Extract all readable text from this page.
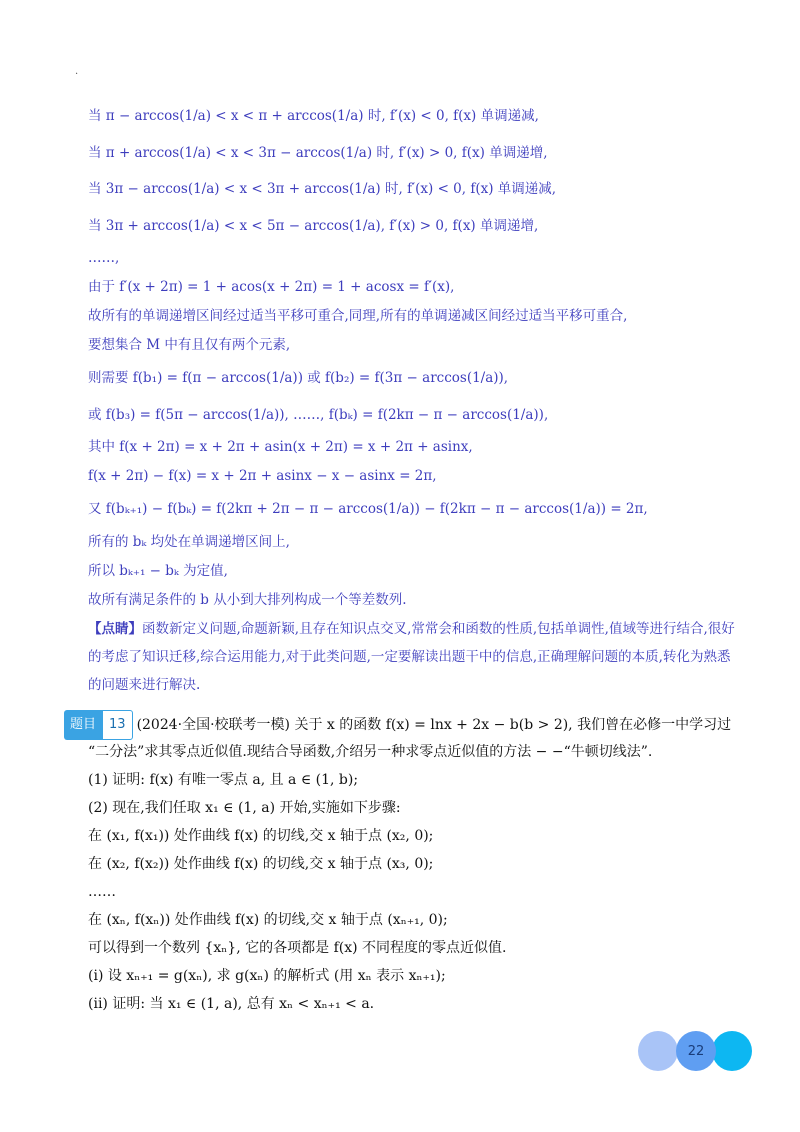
.
当 π − arccos(1/a) < x < π + arccos(1/a) 时, f′(x) < 0, f(x) 单调递减,
当 π + arccos(1/a) < x < 3π − arccos(1/a) 时, f′(x) > 0, f(x) 单调递增,
当 3π − arccos(1/a) < x < 3π + arccos(1/a) 时, f′(x) < 0, f(x) 单调递减,
当 3π + arccos(1/a) < x < 5π − arccos(1/a), f′(x) > 0, f(x) 单调递增,
……,
由于 f′(x + 2π) = 1 + acos(x + 2π) = 1 + acosx = f′(x),
故所有的单调递增区间经过适当平移可重合,同理,所有的单调递减区间经过适当平移可重合,
要想集合 M 中有且仅有两个元素,
则需要 f(b₁) = f(π − arccos(1/a)) 或 f(b₂) = f(3π − arccos(1/a)),
或 f(b₃) = f(5π − arccos(1/a)), ……, f(bₖ) = f(2kπ − π − arccos(1/a)),
其中 f(x + 2π) = x + 2π + asin(x + 2π) = x + 2π + asinx,
f(x + 2π) − f(x) = x + 2π + asinx − x − asinx = 2π,
又 f(bₖ₊₁) − f(bₖ) = f(2kπ + 2π − π − arccos(1/a)) − f(2kπ − π − arccos(1/a)) = 2π,
所有的 bₖ 均处在单调递增区间上,
所以 bₖ₊₁ − bₖ 为定值,
故所有满足条件的 b 从小到大排列构成一个等差数列.
【点睛】函数新定义问题,命题新颖,且存在知识点交叉,常常会和函数的性质,包括单调性,值域等进行结合,很好的考虑了知识迁移,综合运用能力,对于此类问题,一定要解读出题干中的信息,正确理解问题的本质,转化为熟悉的问题来进行解决.
题目	13 (2024·全国·校联考一模) 关于 x 的函数 f(x) = lnx + 2x − b(b > 2), 我们曾在必修一中学习过
“二分法”求其零点近似值.现结合导函数,介绍另一种求零点近似值的方法 − −“牛顿切线法”.
(1) 证明: f(x) 有唯一零点 a, 且 a ∈ (1, b);
(2) 现在,我们任取 x₁ ∈ (1, a) 开始,实施如下步骤:
在 (x₁, f(x₁)) 处作曲线 f(x) 的切线,交 x 轴于点 (x₂, 0);
在 (x₂, f(x₂)) 处作曲线 f(x) 的切线,交 x 轴于点 (x₃, 0);
……
在 (xₙ, f(xₙ)) 处作曲线 f(x) 的切线,交 x 轴于点 (xₙ₊₁, 0);
可以得到一个数列 {xₙ}, 它的各项都是 f(x) 不同程度的零点近似值.
(i) 设 xₙ₊₁ = g(xₙ), 求 g(xₙ) 的解析式 (用 xₙ 表示 xₙ₊₁);
(ii) 证明: 当 x₁ ∈ (1, a), 总有 xₙ < xₙ₊₁ < a.
22
